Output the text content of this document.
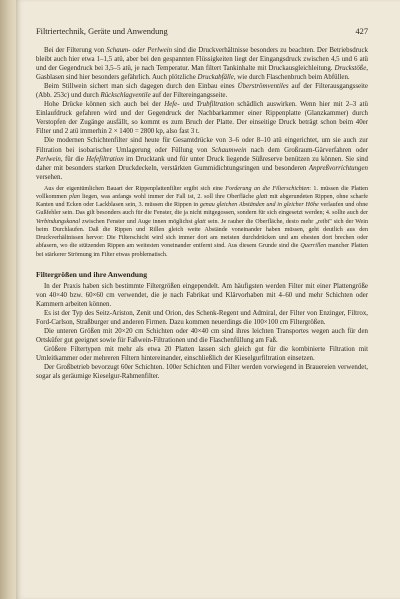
Filtriertechnik, Geräte und Anwendung	427

Bei der Filterung von Schaum- oder Perlwein sind die Druckverhältnisse besonders zu beachten. Der Betriebsdruck bleibt auch hier etwa 1–1,5 atü, aber bei den gespannten Flüssigkeiten liegt der Eingangsdruck zwischen 4,5 und 6 atü und der Gegendruck bei 3,5–5 atü, je nach Temperatur. Man filtert Tankinhalte mit Druckausgleichleitung. Druckstöße, Gasblasen sind hier besonders gefährlich. Auch plötzliche Druckabfälle, wie durch Flaschenbruch beim Abfüllen.

Beim Stillwein sichert man sich dagegen durch den Einbau eines Überströmventiles auf der Filterausgangsseite (Abb. 253c) und durch Rückschlagventile auf der Filtereingangsseite.

Hohe Drücke können sich auch bei der Hefe- und Trubfiltration schädlich auswirken. Wenn hier mit 2–3 atü Einlaufdruck gefahren wird und der Gegendruck der Nachbarkammer einer Rippenplatte (Glanzkammer) durch Verstopfen der Zugänge ausfällt, so kommt es zum Bruch der Platte. Der einseitige Druck beträgt schon beim 40er Filter und 2 atü immerhin 2 × 1400 = 2800 kp, also fast 3 t.

Die modernen Schichtenfilter sind heute für Gesamtdrücke von 3–6 oder 8–10 atü eingerichtet, um sie auch zur Filtration bei isobarischer Umlagerung oder Füllung von Schaumwein nach dem Großraum-Gärverfahren oder Perlwein, für die Hefefiltration im Drucktank und für unter Druck liegende Süßreserve benützen zu können. Sie sind daher mit besonders starken Druckdeckeln, verstärkten Gummidichtungsringen und besonderen Anpreßvorrichtungen versehen.

Aus der eigentümlichen Bauart der Rippenplattenfilter ergibt sich eine Forderung an die Filterschichten: 1. müssen die Platten vollkommen plan liegen, was anfangs wohl immer der Fall ist, 2. soll ihre Oberfläche glatt mit abgerundeten Rippen, ohne scharfe Kanten und Ecken oder Lackblasen sein, 3. müssen die Rippen in genau gleichen Abständen und in gleicher Höhe verlaufen und ohne Gußfehler sein. Das gilt besonders auch für die Fenster, die ja nicht mitgegossen, sondern für sich eingesetzt werden; 4. sollte auch der Verbindungskanal zwischen Fenster und Auge innen möglichst glatt sein. Je rauher die Oberfläche, desto mehr „reibt" sich der Wein beim Durchlaufen. Daß die Rippen und Rillen gleich weite Abstände voneinander haben müssen, geht deutlich aus den Druckverhältnissen hervor: Die Filterschicht wird sich immer dort am meisten durchdrücken und am ehesten dort brechen oder abfasern, wo die stützenden Rippen am weitesten voneinander entfernt sind. Aus diesem Grunde sind die Querrillen mancher Platten bei stärkerer Strömung im Filter etwas problematisch.

Filtergrößen und ihre Anwendung

In der Praxis haben sich bestimmte Filtergrößen eingependelt. Am häufigsten werden Filter mit einer Plattengröße von 40×40 bzw. 60×60 cm verwendet, die je nach Fabrikat und Klärvorhaben mit 4–60 und mehr Schichten oder Kammern arbeiten können.

Es ist der Typ des Seitz-Ariston, Zenit und Orion, des Schenk-Regent und Admiral, der Filter von Enzinger, Filtrox, Ford-Carlson, Straßburger und anderen Firmen. Dazu kommen neuerdings die 100×100 cm Filtergrößen.

Die unteren Größen mit 20×20 cm Schichten oder 40×40 cm sind ihres leichten Transportes wegen auch für den Ortsküfer gut geeignet sowie für Faßwein-Filtrationen und die Flaschenfüllung am Faß.

Größere Filtertypen mit mehr als etwa 20 Platten lassen sich gleich gut für die kombinierte Filtration mit Umleitkammer oder mehreren Filtern hintereinander, einschließlich der Kieselgurfiltration einsetzen.

Der Großbetrieb bevorzugt 60er Schichten. 100er Schichten und Filter werden vorwiegend in Brauereien verwendet, sogar als geräumige Kieselgur-Rahmenfilter.
